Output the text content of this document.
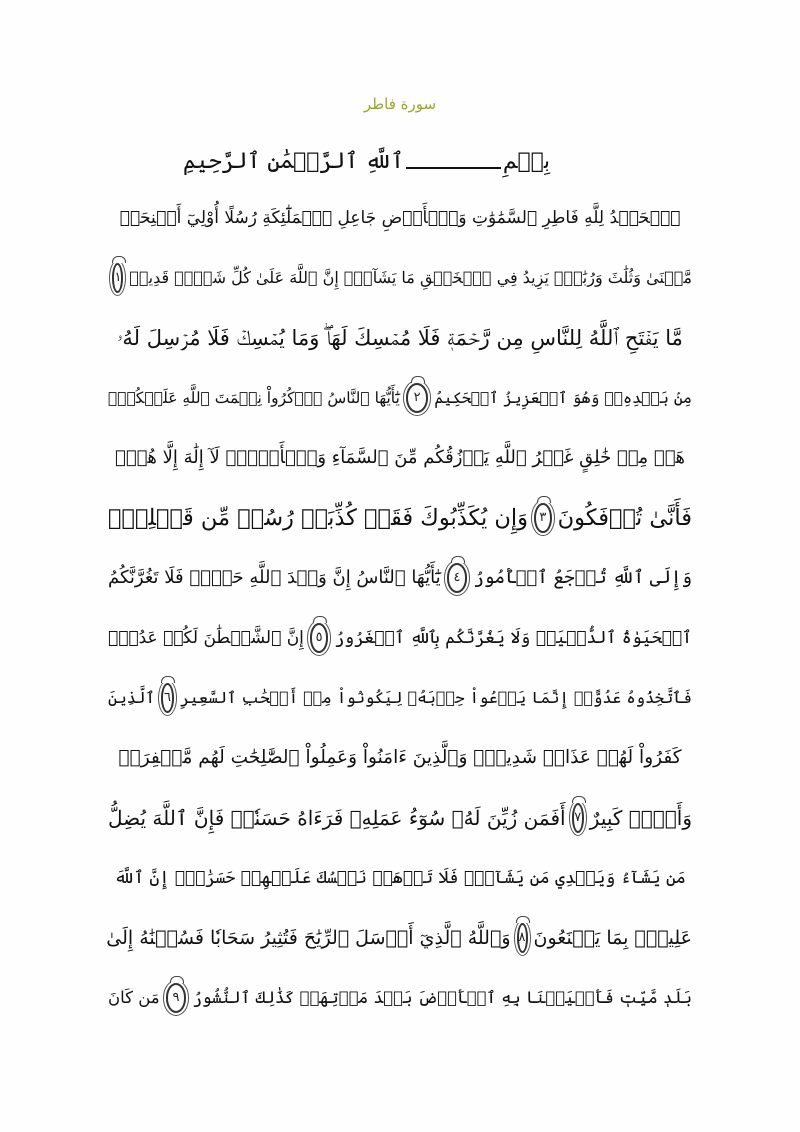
سورة فاطر
بِسۡمِٱللَّهِ ٱلرَّحۡمَٰنِ ٱلرَّحِيمِ
ٱلۡحَمۡدُ لِلَّهِ فَاطِرِ ٱلسَّمَٰوَٰتِ وَٱلۡأَرۡضِ جَاعِلِ ٱلۡمَلَٰٓئِكَةِ رُسُلًا أُوْلِيٓ أَجۡنِحَةٖ
مَّثۡنَىٰ وَثُلَٰثَ وَرُبَٰعَۚ يَزِيدُ فِي ٱلۡخَلۡقِ مَا يَشَآءُۚ إِنَّ ٱللَّهَ عَلَىٰ كُلِّ شَيۡءٖ قَدِيرٞ
١
مَّا يَفۡتَحِ ٱللَّهُ لِلنَّاسِ مِن رَّحۡمَةٖ فَلَا مُمۡسِكَ لَهَاۖ وَمَا يُمۡسِكۡ فَلَا مُرۡسِلَ لَهُۥ
مِنۢ بَعۡدِهِۦۚ وَهُوَ ٱلۡعَزِيزُ ٱلۡحَكِيمُ
٢
يَٰٓأَيُّهَا ٱلنَّاسُ ٱذۡكُرُواْ نِعۡمَتَ ٱللَّهِ عَلَيۡكُمۡۚ
هَلۡ مِنۡ خَٰلِقٍ غَيۡرُ ٱللَّهِ يَرۡزُقُكُم مِّنَ ٱلسَّمَآءِ وَٱلۡأَرۡضِۚ لَآ إِلَٰهَ إِلَّا هُوَۖ
فَأَنَّىٰ تُؤۡفَكُونَ
٣
وَإِن يُكَذِّبُوكَ فَقَدۡ كُذِّبَتۡ رُسُلٞ مِّن قَبۡلِكَۚ
وَإِلَى ٱللَّهِ تُرۡجَعُ ٱلۡأُمُورُ
٤
يَٰٓأَيُّهَا ٱلنَّاسُ إِنَّ وَعۡدَ ٱللَّهِ حَقّٞۖ فَلَا تَغُرَّنَّكُمُ
ٱلۡحَيَوٰةُ ٱلدُّنۡيَاۖ وَلَا يَغُرَّنَّكُم بِٱللَّهِ ٱلۡغَرُورُ
٥
إِنَّ ٱلشَّيۡطَٰنَ لَكُمۡ عَدُوّٞ
فَٱتَّخِذُوهُ عَدُوًّاۚ إِنَّمَا يَدۡعُواْ حِزۡبَهُۥ لِيَكُونُواْ مِنۡ أَصۡحَٰبِ ٱلسَّعِيرِ
٦
ٱلَّذِينَ
كَفَرُواْ لَهُمۡ عَذَابٞ شَدِيدٞۖ وَٱلَّذِينَ ءَامَنُواْ وَعَمِلُواْ ٱلصَّٰلِحَٰتِ لَهُم مَّغۡفِرَةٞ
وَأَجۡرٞ كَبِيرٌ
٧
أَفَمَن زُيِّنَ لَهُۥ سُوٓءُ عَمَلِهِۦ فَرَءَاهُ حَسَنٗاۖ فَإِنَّ ٱللَّهَ يُضِلُّ
مَن يَشَآءُ وَيَهۡدِي مَن يَشَآءُۖ فَلَا تَذۡهَبۡ نَفۡسُكَ عَلَيۡهِمۡ حَسَرَٰتٍۚ إِنَّ ٱللَّهَ
عَلِيمُۢ بِمَا يَصۡنَعُونَ
٨
وَٱللَّهُ ٱلَّذِيٓ أَرۡسَلَ ٱلرِّيَٰحَ فَتُثِيرُ سَحَابٗا فَسُقۡنَٰهُ إِلَىٰ
بَلَدٖ مَّيِّتٖ فَأَحۡيَيۡنَا بِهِ ٱلۡأَرۡضَ بَعۡدَ مَوۡتِهَاۚ كَذَٰلِكَ ٱلنُّشُورُ
٩
مَن كَانَ
